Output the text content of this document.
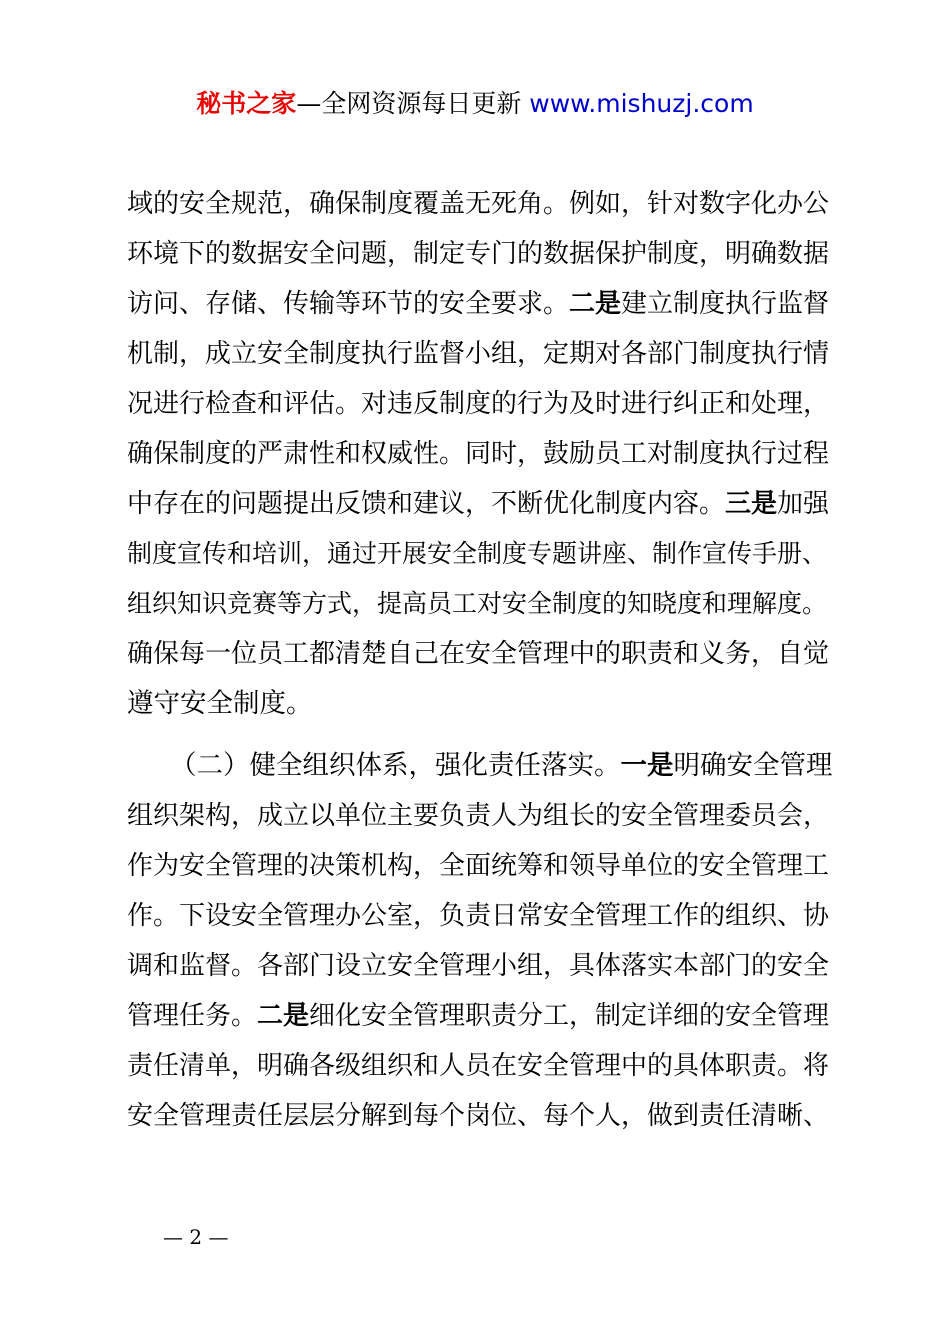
秘书之家—全网资源每日更新 www.mishuzj.com
域的安全规范，确保制度覆盖无死角。例如，针对数字化办公
环境下的数据安全问题，制定专门的数据保护制度，明确数据
访问、存储、传输等环节的安全要求。二是建立制度执行监督
机制，成立安全制度执行监督小组，定期对各部门制度执行情
况进行检查和评估。对违反制度的行为及时进行纠正和处理，
确保制度的严肃性和权威性。同时，鼓励员工对制度执行过程
中存在的问题提出反馈和建议，不断优化制度内容。三是加强
制度宣传和培训，通过开展安全制度专题讲座、制作宣传手册、
组织知识竞赛等方式，提高员工对安全制度的知晓度和理解度。
确保每一位员工都清楚自己在安全管理中的职责和义务，自觉
遵守安全制度。
（二）健全组织体系，强化责任落实。一是明确安全管理
组织架构，成立以单位主要负责人为组长的安全管理委员会，
作为安全管理的决策机构，全面统筹和领导单位的安全管理工
作。下设安全管理办公室，负责日常安全管理工作的组织、协
调和监督。各部门设立安全管理小组，具体落实本部门的安全
管理任务。二是细化安全管理职责分工，制定详细的安全管理
责任清单，明确各级组织和人员在安全管理中的具体职责。将
安全管理责任层层分解到每个岗位、每个人，做到责任清晰、
— 2 —
